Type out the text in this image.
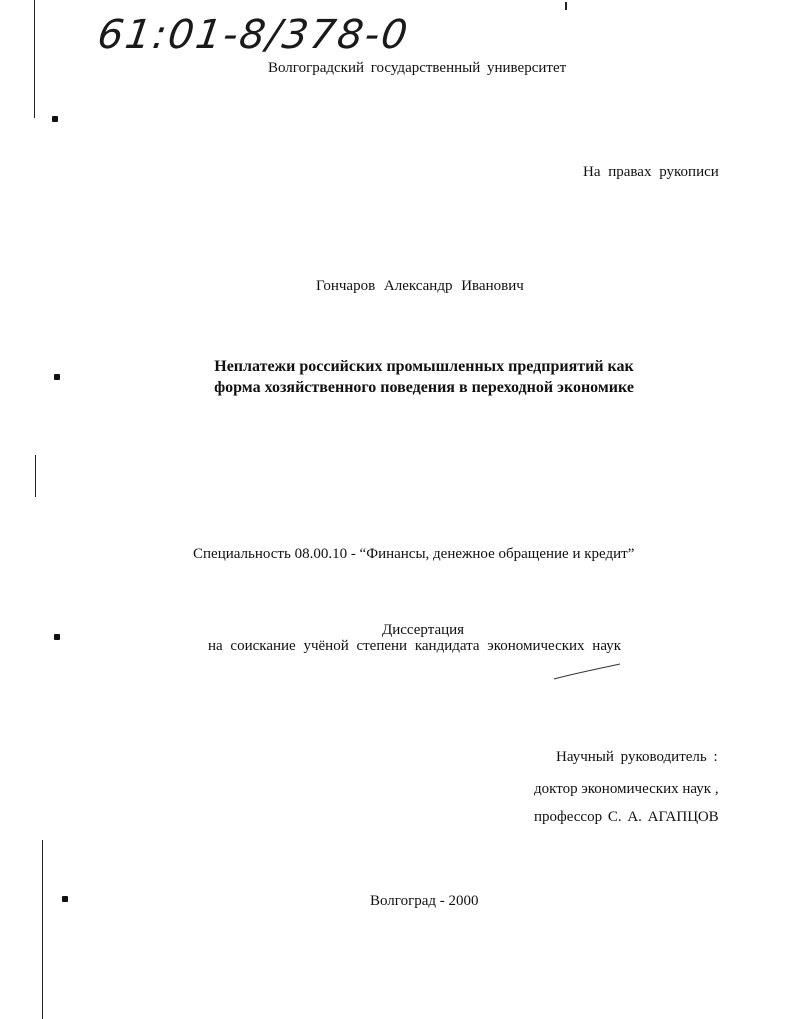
61:01-8/378-0
Волгоградский государственный университет
На правах рукописи
Гончаров Александр Иванович
Неплатежи российских промышленных предприятий как
форма хозяйственного поведения в переходной экономике
Специальность 08.00.10 - “Финансы, денежное обращение и кредит”
Диссертация
на соискание учёной степени кандидата экономических наук
Научный руководитель :
доктор экономических наук ,
профессор С. А. АГАПЦОВ
Волгоград - 2000
